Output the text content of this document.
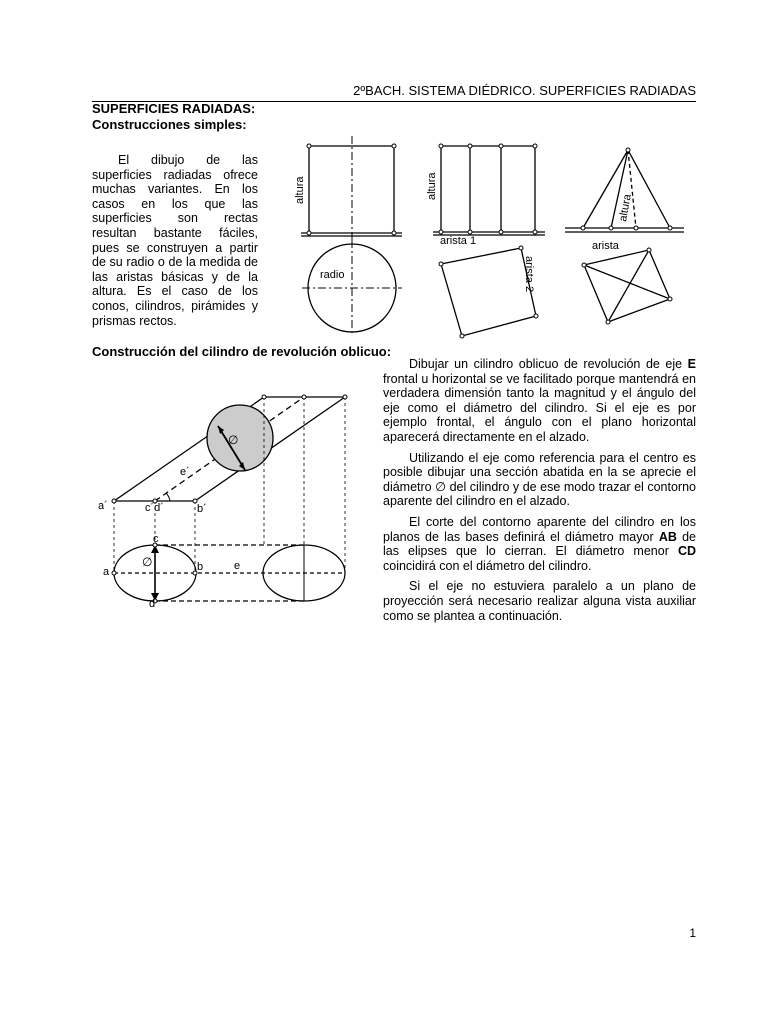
2ºBACH. SISTEMA DIÉDRICO. SUPERFICIES RADIADAS
SUPERFICIES RADIADAS:
Construcciones simples:
El dibujo de las superficies radiadas ofrece muchas variantes. En los casos en los que las superficies son rectas resultan bastante fáciles, pues se construyen a partir de su radio o de la medida de las aristas básicas y de la altura. Es el caso de los conos, cilindros, pirámides y prismas rectos.
altura
radio
altura
arista 1
arista 2
altura
arista
Construcción del cilindro de revolución oblicuo:

Dibujar un cilindro oblicuo de revolución de eje E frontal u horizontal se ve facilitado porque mantendrá en verdadera dimensión tanto la magnitud y el ángulo del eje como el diámetro del cilindro. Si el eje es por ejemplo frontal, el ángulo con el plano horizontal aparecerá directamente en el alzado.

Utilizando el eje como referencia para el centro es posible dibujar una sección abatida en la se aprecie el diámetro ∅ del cilindro y de ese modo trazar el contorno aparente del cilindro en el alzado.

El corte del contorno aparente del cilindro en los planos de las bases definirá el diámetro mayor AB de las elipses que lo cierran. El diámetro menor CD coincidirá con el diámetro del cilindro.

Si el eje no estuviera paralelo a un plano de proyección será necesario realizar alguna vista auxiliar como se plantea a continuación.

∅
e´
a´	c´d´	b´
c
∅
a	b	e
d
1
